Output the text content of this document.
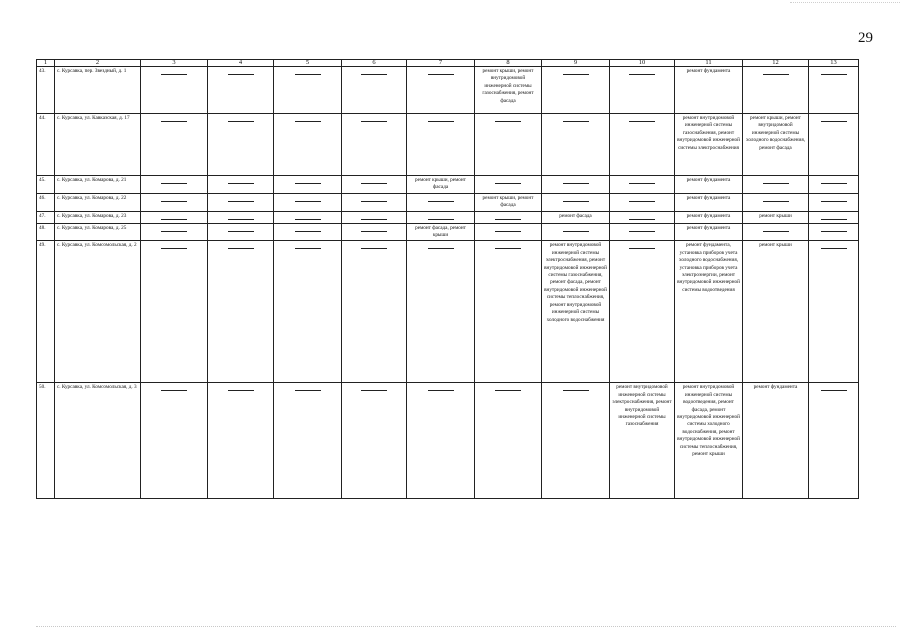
29
1	2	3	4	5	6	7	8	9	10	11	12	13
43.	с. Курсавка, пер. Звездный, д. 1						ремонт крыши, ремонт внутридомовой инженерной системы газоснабжения, ремонт фасада			ремонт фундамента	

44.	с. Курсавка, ул. Кавказская, д. 17									ремонт внутридомовой инженерной системы газоснабжения, ремонт внутридомовой инженерной системы электроснабжения	ремонт крыши, ремонт внутридомовой инженерной системы холодного водоснабжения, ремонт фасада	

45.	с. Курсавка, ул. Комарова, д. 21					ремонт крыши, ремонт фасада				ремонт фундамента	

46.	с. Курсавка, ул. Комарова, д. 22						ремонт крыши, ремонт фасада			ремонт фундамента	

47.	с. Курсавка, ул. Комарова, д. 23							ремонт фасада		ремонт фундамента	ремонт крыши	

48.	с. Курсавка, ул. Комарова, д. 25					ремонт фасада, ремонт крыши				ремонт фундамента	

49.	с. Курсавка, ул. Комсомольская, д. 2							ремонт внутридомовой инженерной системы электроснабжения, ремонт внутридомовой инженерной системы газоснабжения, ремонт фасада, ремонт внутридомовой инженерной системы теплоснабжения, ремонт внутридомовой инженерной системы холодного водоснабжения		ремонт фундамента, установка приборов учета холодного водоснабжения, установка приборов учета электроэнергии, ремонт внутридомовой инженерной системы водоотведения	ремонт крыши	

50.	с. Курсавка, ул. Комсомольская, д. 3								ремонт внутридомовой инженерной системы электроснабжения, ремонт внутридомовой инженерной системы газоснабжения	ремонт внутридомовой инженерной системы водоотведения, ремонт фасада, ремонт внутридомовой инженерной системы холодного водоснабжения, ремонт внутридомовой инженерной системы теплоснабжения, ремонт крыши	ремонт фундамента	
